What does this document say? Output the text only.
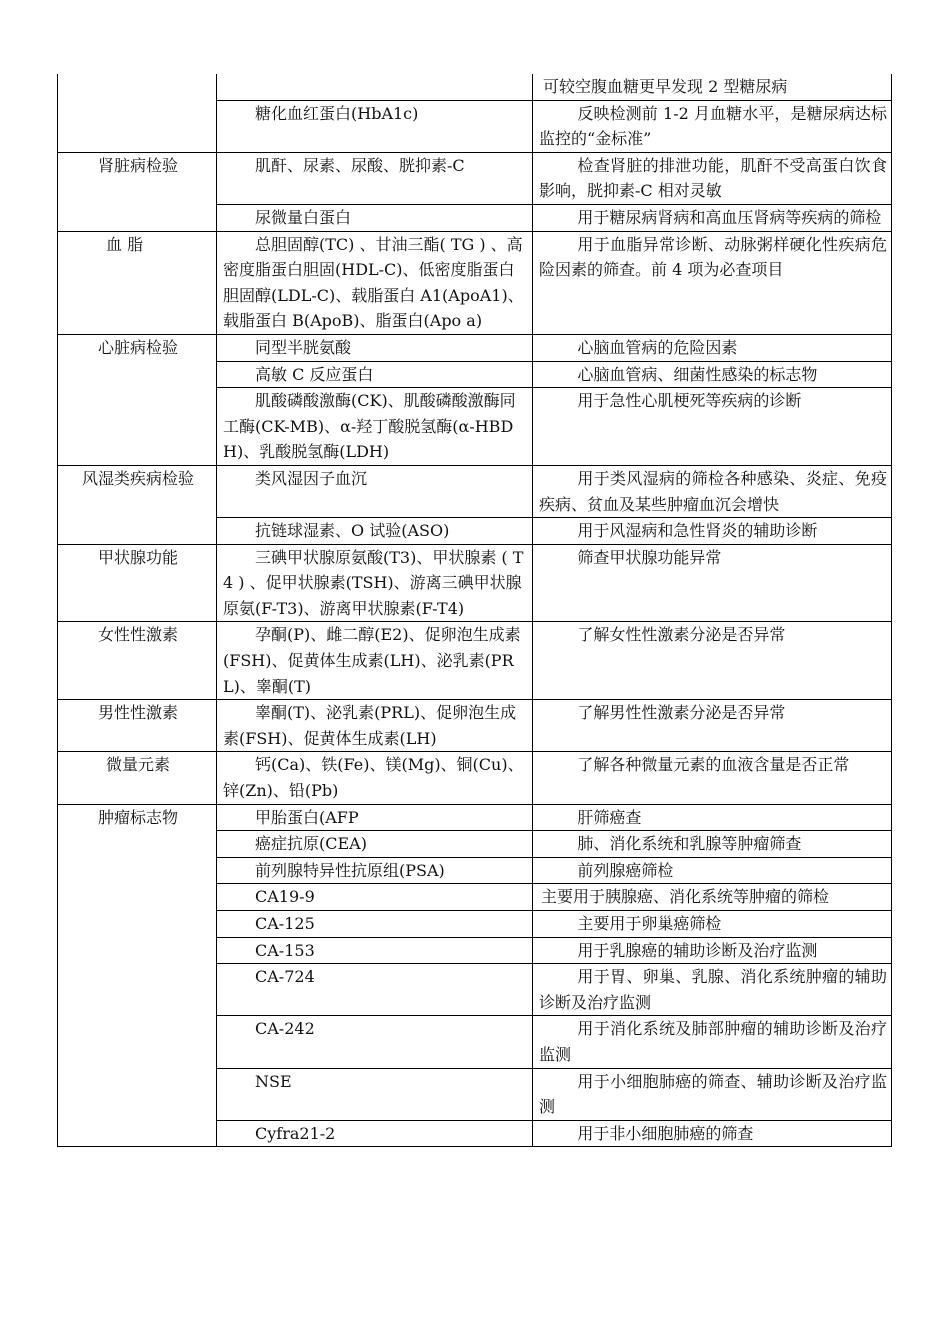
		可较空腹血糖更早发现 2 型糖尿病
	糖化血红蛋白(HbA1c)	反映检测前 1-2 月血糖水平，是糖尿病达标监控的“金标准”
肾脏病检验	肌酐、尿素、尿酸、胱抑素-C	检查肾脏的排泄功能，肌酐不受高蛋白饮食影响，胱抑素-C 相对灵敏
	尿微量白蛋白	用于糖尿病肾病和高血压肾病等疾病的筛检
血 脂	总胆固醇(TC) 、甘油三酯( TG ) 、高密度脂蛋白胆固(HDL-C)、低密度脂蛋白胆固醇(LDL-C)、载脂蛋白 A1(ApoA1)、载脂蛋白 B(ApoB)、脂蛋白(Apo a)	用于血脂异常诊断、动脉粥样硬化性疾病危险因素的筛查。前 4 项为必查项目
心脏病检验	同型半胱氨酸	心脑血管病的危险因素
	高敏 C 反应蛋白	心脑血管病、细菌性感染的标志物
	肌酸磷酸激酶(CK)、肌酸磷酸激酶同工酶(CK-MB)、α-羟丁酸脱氢酶(α-HBDH)、乳酸脱氢酶(LDH)	用于急性心肌梗死等疾病的诊断
风湿类疾病检验	类风湿因子血沉	用于类风湿病的筛检各种感染、炎症、免疫疾病、贫血及某些肿瘤血沉会增快
	抗链球湿素、O 试验(ASO)	用于风湿病和急性肾炎的辅助诊断
甲状腺功能	三碘甲状腺原氨酸(T3)、甲状腺素 ( T4 ) 、促甲状腺素(TSH)、游离三碘甲状腺原氨(F-T3)、游离甲状腺素(F-T4)	筛查甲状腺功能异常
女性性激素	孕酮(P)、雌二醇(E2)、促卵泡生成素(FSH)、促黄体生成素(LH)、泌乳素(PRL)、睾酮(T)	了解女性性激素分泌是否异常
男性性激素	睾酮(T)、泌乳素(PRL)、促卵泡生成素(FSH)、促黄体生成素(LH)	了解男性性激素分泌是否异常
微量元素	钙(Ca)、铁(Fe)、镁(Mg)、铜(Cu)、锌(Zn)、铅(Pb)	了解各种微量元素的血液含量是否正常
肿瘤标志物	甲胎蛋白(AFP	肝筛癌查
	癌症抗原(CEA)	肺、消化系统和乳腺等肿瘤筛查
	前列腺特异性抗原组(PSA)	前列腺癌筛检
	CA19-9	主要用于胰腺癌、消化系统等肿瘤的筛检
	CA-125	主要用于卵巢癌筛检
	CA-153	用于乳腺癌的辅助诊断及治疗监测
	CA-724	用于胃、卵巢、乳腺、消化系统肿瘤的辅助诊断及治疗监测
	CA-242	用于消化系统及肺部肿瘤的辅助诊断及治疗监测
	NSE	用于小细胞肺癌的筛查、辅助诊断及治疗监测
	Cyfra21-2	用于非小细胞肺癌的筛查
